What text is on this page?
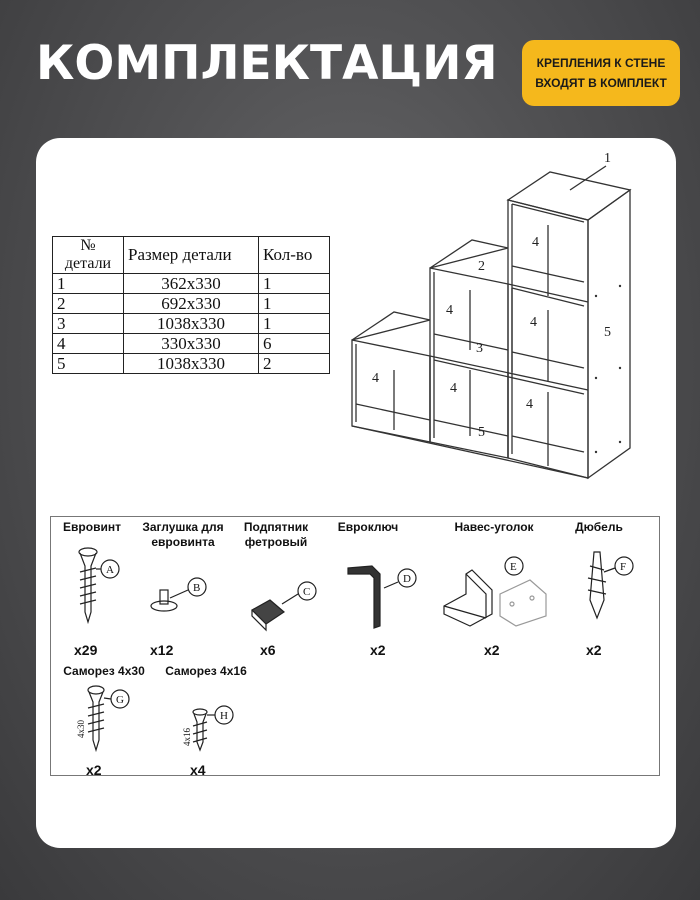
КОМПЛЕКТАЦИЯ	КРЕПЛЕНИЯ К СТЕНЕ
ВХОДЯТ В КОМПЛЕКТ
№
детали	Размер детали	Кол-во
1	362x330	1
2	692x330	1
3	1038x330	1
4	330x330	6
5	1038x330	2
1
2
3
4
4
4
4
4
4
5
5
Евровинт	Заглушка для
евровинта
Подпятник
фетровый
Евроключ	Навес-уголок	Дюбель
Саморез 4x30	Саморез 4x16
A
B	C
D
E	F
G
H
4x30	4x16
x29	x12	x6	x2	x2	x2
x2	x4
